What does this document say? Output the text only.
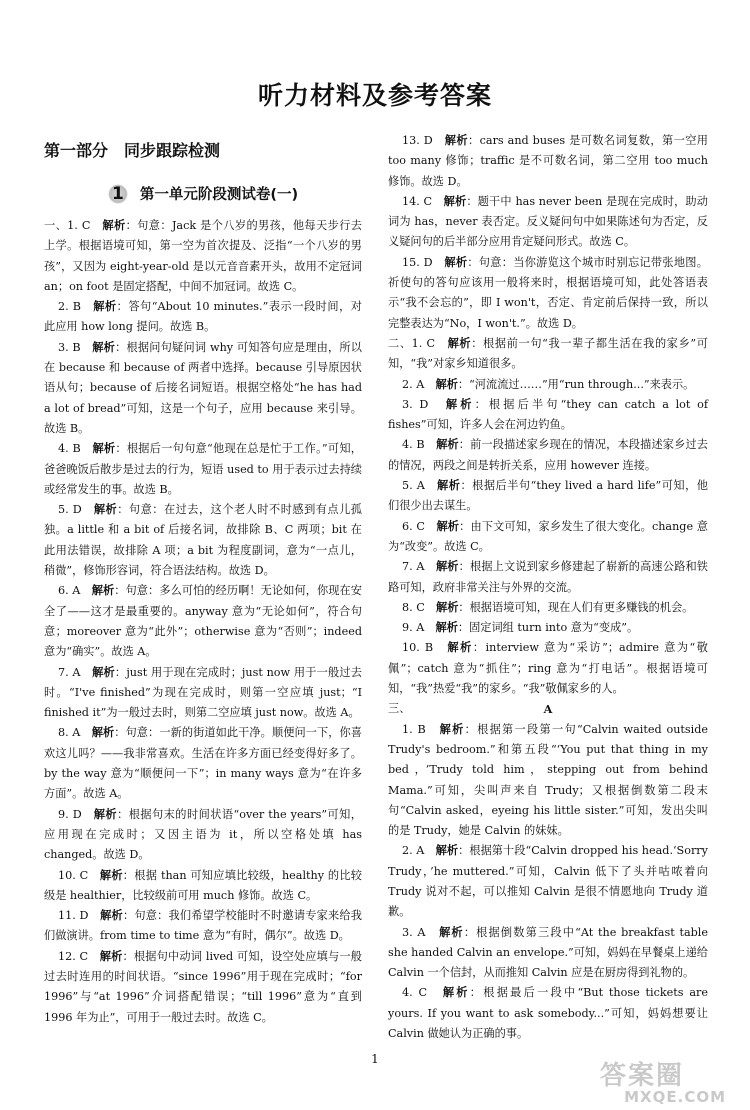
听力材料及参考答案
第一部分　同步跟踪检测
1 第一单元阶段测试卷(一)

一、1. C　 解析：句意：Jack 是个八岁的男孩，他每天步行去上学。根据语境可知，第一空为首次提及、泛指“一个八岁的男孩”，又因为 eight-year-old 是以元音音素开头，故用不定冠词 an；on foot 是固定搭配，中间不加冠词。故选 C。

2. B　 解析：答句“About 10 minutes.”表示一段时间，对此应用 how long 提问。故选 B。

3. B　 解析：根据问句疑问词 why 可知答句应是理由，所以在 because 和 because of 两者中选择。because 引导原因状语从句；because of 后接名词短语。根据空格处“he has had a lot of bread”可知，这是一个句子，应用 because 来引导。故选 B。

4. B　 解析：根据后一句句意“他现在总是忙于工作。”可知，爸爸晚饭后散步是过去的行为，短语 used to 用于表示过去持续或经常发生的事。故选 B。

5. D　 解析：句意：在过去，这个老人时不时感到有点儿孤独。a little 和 a bit of 后接名词，故排除 B、C 两项；bit 在此用法错误，故排除 A 项；a bit 为程度副词，意为“一点儿，稍微”，修饰形容词，符合语法结构。故选 D。

6. A　 解析：句意：多么可怕的经历啊！无论如何，你现在安全了——这才是最重要的。anyway 意为“无论如何”，符合句意；moreover 意为“此外”；otherwise 意为“否则”；indeed 意为“确实”。故选 A。

7. A　 解析：just 用于现在完成时；just now 用于一般过去时。“I've finished”为现在完成时，则第一空应填 just；“I finished it”为一般过去时，则第二空应填 just now。故选 A。

8. A　 解析：句意：一新的街道如此干净。顺便问一下，你喜欢这儿吗？——我非常喜欢。生活在许多方面已经变得好多了。by the way 意为“顺便问一下”；in many ways 意为“在许多方面”。故选 A。

9. D　 解析：根据句末的时间状语“over the years”可知，应用现在完成时；又因主语为 it，所以空格处填 has changed。故选 D。

10. C　 解析：根据 than 可知应填比较级，healthy 的比较级是 healthier，比较级前可用 much 修饰。故选 C。

11. D　 解析：句意：我们希望学校能时不时邀请专家来给我们做演讲。from time to time 意为“有时，偶尔”。故选 D。

12. C　 解析：根据句中动词 lived 可知，设空处应填与一般过去时连用的时间状语。“since 1996”用于现在完成时；“for 1996”与“at 1996”介词搭配错误；“till 1996”意为“直到 1996 年为止”，可用于一般过去时。故选 C。

13. D　 解析：cars and buses 是可数名词复数，第一空用 too many 修饰；traffic 是不可数名词，第二空用 too much 修饰。故选 D。

14. C　 解析：题干中 has never been 是现在完成时，助动词为 has，never 表否定。反义疑问句中如果陈述句为否定，反义疑问句的后半部分应用肯定疑问形式。故选 C。

15. D　 解析：句意：当你游览这个城市时别忘记带张地图。祈使句的答句应该用一般将来时，根据语境可知，此处答语表示“我不会忘的”，即 I won't，否定、肯定前后保持一致，所以完整表达为“No，I won't.”。故选 D。

二、1. C　 解析：根据前一句“我一辈子都生活在我的家乡”可知，“我”对家乡知道很多。

2. A　 解析：“河流流过……”用“run through...”来表示。

3. D　 解析：根据后半句“they can catch a lot of fishes”可知，许多人会在河边钓鱼。

4. B　 解析：前一段描述家乡现在的情况，本段描述家乡过去的情况，两段之间是转折关系，应用 however 连接。

5. A　 解析：根据后半句“they lived a hard life”可知，他们很少出去谋生。

6. C　 解析：由下文可知，家乡发生了很大变化。change 意为“改变”。故选 C。

7. A　 解析：根据上文说到家乡修建起了崭新的高速公路和铁路可知，政府非常关注与外界的交流。

8. C　 解析：根据语境可知，现在人们有更多赚钱的机会。

9. A　 解析：固定词组 turn into 意为“变成”。

10. B　 解析：interview 意为“采访”；admire 意为“敬佩”；catch 意为“抓住”；ring 意为“打电话”。根据语境可知，“我”热爱“我”的家乡。“我”敬佩家乡的人。

三、	A

1. B　 解析：根据第一段第一句“Calvin waited outside Trudy's bedroom.”和第五段“‘You put that thing in my bed，’Trudy told him，stepping out from behind Mama.”可知，尖叫声来自 Trudy；又根据倒数第二段末句“Calvin asked，eyeing his little sister.”可知，发出尖叫的是 Trudy，她是 Calvin 的妹妹。

2. A　 解析：根据第十段“Calvin dropped his head.‘Sorry Trudy，’he muttered.”可知，Calvin 低下了头并咕哝着向 Trudy 说对不起，可以推知 Calvin 是很不情愿地向 Trudy 道歉。

3. A　 解析：根据倒数第三段中“At the breakfast table she handed Calvin an envelope.”可知，妈妈在早餐桌上递给 Calvin 一个信封，从而推知 Calvin 应是在厨房得到礼物的。

4. C　 解析：根据最后一段中“But those tickets are yours. If you want to ask somebody...”可知，妈妈想要让 Calvin 做她认为正确的事。

1
答案圈
MXQE.COM
